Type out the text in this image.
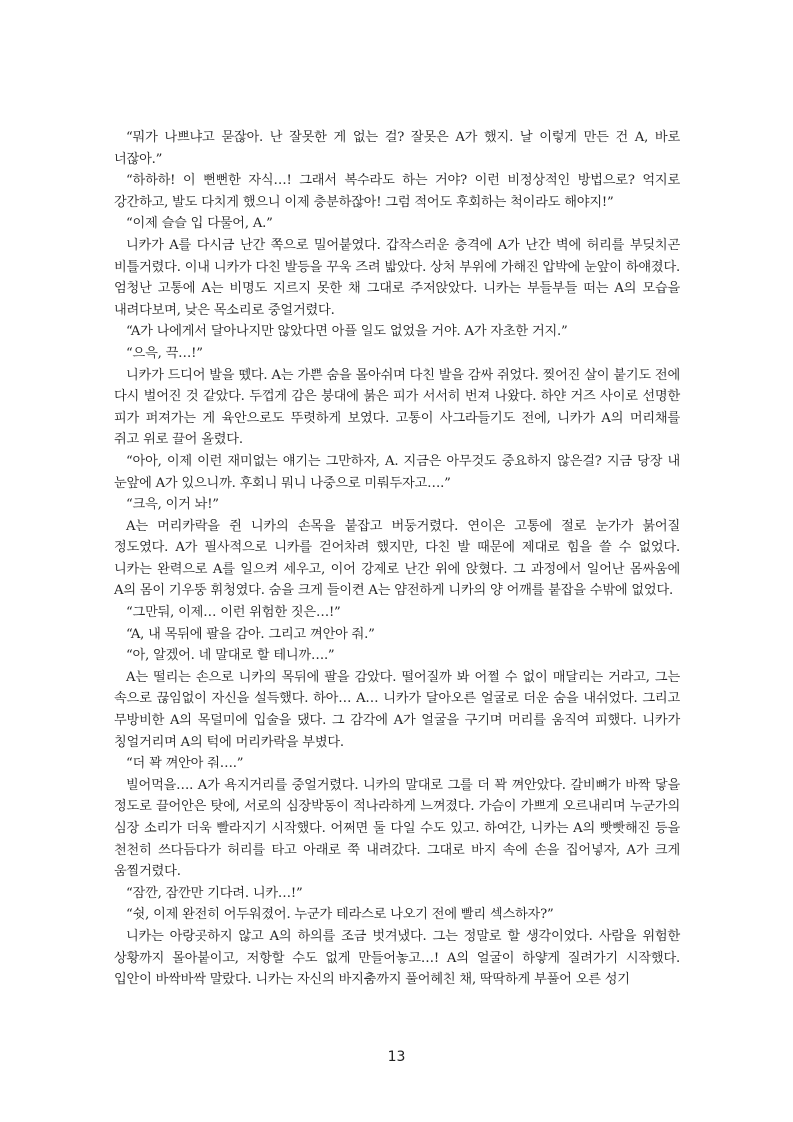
“뭐가 나쁘냐고 묻잖아. 난 잘못한 게 없는 걸? 잘못은 A가 했지. 날 이렇게 만든 건 A, 바로 너잖아.”

“하하하! 이 뻔뻔한 자식…! 그래서 복수라도 하는 거야? 이런 비정상적인 방법으로? 억지로 강간하고, 발도 다치게 했으니 이제 충분하잖아! 그럼 적어도 후회하는 척이라도 해야지!”

“이제 슬슬 입 다물어, A.”

니카가 A를 다시금 난간 쪽으로 밀어붙였다. 갑작스러운 충격에 A가 난간 벽에 허리를 부딪치곤 비틀거렸다. 이내 니카가 다친 발등을 꾸욱 즈려 밟았다. 상처 부위에 가해진 압박에 눈앞이 하얘졌다. 엄청난 고통에 A는 비명도 지르지 못한 채 그대로 주저앉았다. 니카는 부들부들 떠는 A의 모습을 내려다보며, 낮은 목소리로 중얼거렸다.

“A가 나에게서 달아나지만 않았다면 아플 일도 없었을 거야. A가 자초한 거지.”

“으윽, 끅…!”

니카가 드디어 발을 뗐다. A는 가쁜 숨을 몰아쉬며 다친 발을 감싸 쥐었다. 찢어진 살이 붙기도 전에 다시 벌어진 것 같았다. 두껍게 감은 붕대에 붉은 피가 서서히 번져 나왔다. 하얀 거즈 사이로 선명한 피가 퍼져가는 게 육안으로도 뚜렷하게 보였다. 고통이 사그라들기도 전에, 니카가 A의 머리채를 쥐고 위로 끌어 올렸다.

“아아, 이제 이런 재미없는 얘기는 그만하자, A. 지금은 아무것도 중요하지 않은걸? 지금 당장 내 눈앞에 A가 있으니까. 후회니 뭐니 나중으로 미뤄두자고….”

“크윽, 이거 놔!”

A는 머리카락을 쥔 니카의 손목을 붙잡고 버둥거렸다. 연이은 고통에 절로 눈가가 붉어질 정도였다. A가 필사적으로 니카를 걷어차려 했지만, 다친 발 때문에 제대로 힘을 쓸 수 없었다. 니카는 완력으로 A를 일으켜 세우고, 이어 강제로 난간 위에 앉혔다. 그 과정에서 일어난 몸싸움에 A의 몸이 기우뚱 휘청였다. 숨을 크게 들이켠 A는 얌전하게 니카의 양 어깨를 붙잡을 수밖에 없었다.

“그만둬, 이제… 이런 위험한 짓은…!”

“A, 내 목뒤에 팔을 감아. 그리고 껴안아 줘.”

“아, 알겠어. 네 말대로 할 테니까….”

A는 떨리는 손으로 니카의 목뒤에 팔을 감았다. 떨어질까 봐 어쩔 수 없이 매달리는 거라고, 그는 속으로 끊임없이 자신을 설득했다. 하아… A… 니카가 달아오른 얼굴로 더운 숨을 내쉬었다. 그리고 무방비한 A의 목덜미에 입술을 댔다. 그 감각에 A가 얼굴을 구기며 머리를 움직여 피했다. 니카가 칭얼거리며 A의 턱에 머리카락을 부볐다.

“더 꽉 껴안아 줘….”

빌어먹을…. A가 욕지거리를 중얼거렸다. 니카의 말대로 그를 더 꽉 껴안았다. 갈비뼈가 바짝 닿을 정도로 끌어안은 탓에, 서로의 심장박동이 적나라하게 느껴졌다. 가슴이 가쁘게 오르내리며 누군가의 심장 소리가 더욱 빨라지기 시작했다. 어쩌면 둘 다일 수도 있고. 하여간, 니카는 A의 빳빳해진 등을 천천히 쓰다듬다가 허리를 타고 아래로 쭉 내려갔다. 그대로 바지 속에 손을 집어넣자, A가 크게 움찔거렸다.

“잠깐, 잠깐만 기다려. 니카…!”

“쉿, 이제 완전히 어두워졌어. 누군가 테라스로 나오기 전에 빨리 섹스하자?”

니카는 아랑곳하지 않고 A의 하의를 조금 벗겨냈다. 그는 정말로 할 생각이었다. 사람을 위험한 상황까지 몰아붙이고, 저항할 수도 없게 만들어놓고…! A의 얼굴이 하얗게 질려가기 시작했다. 입안이 바싹바싹 말랐다. 니카는 자신의 바지춤까지 풀어헤친 채, 딱딱하게 부풀어 오른 성기

13
